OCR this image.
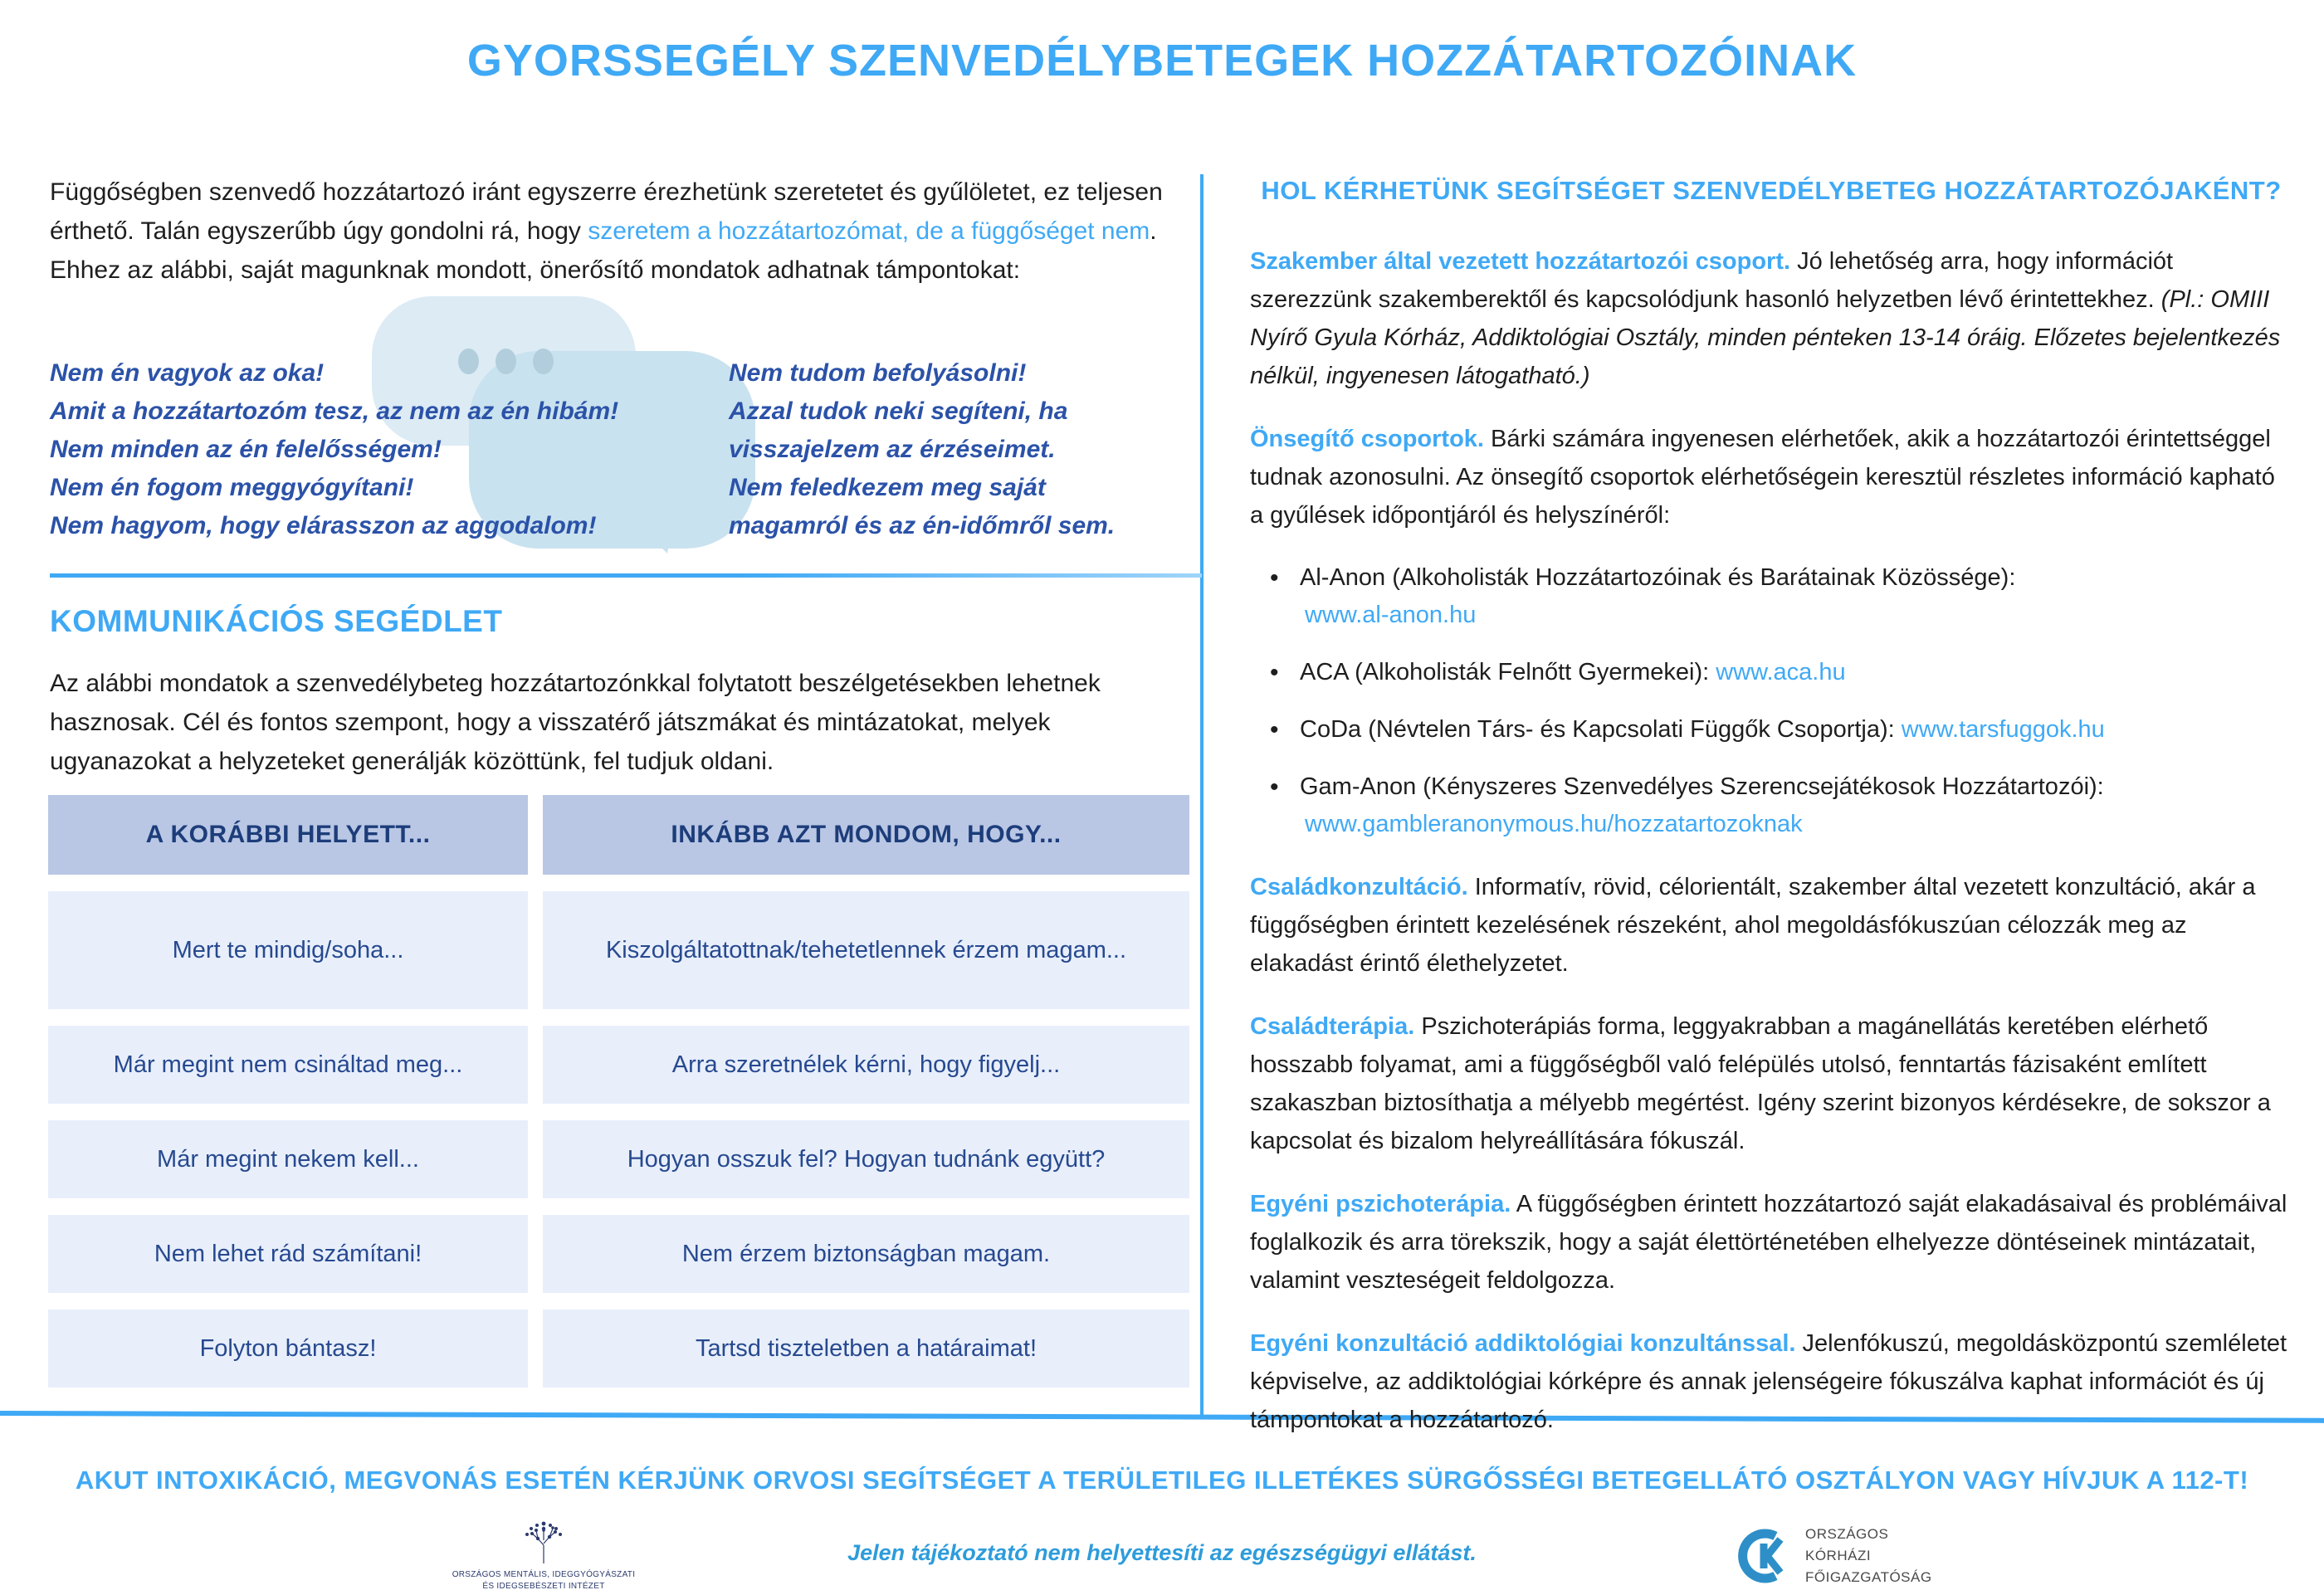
GYORSSEGÉLY SZENVEDÉLYBETEGEK HOZZÁTARTOZÓINAK

Függőségben szenvedő hozzátartozó iránt egyszerre érezhetünk szeretetet és gyűlöletet, ez teljesen érthető. Talán egyszerűbb úgy gondolni rá, hogy szeretem a hozzátartozómat, de a függőséget nem. Ehhez az alábbi, saját magunknak mondott, önerősítő mondatok adhatnak támpontokat:

Nem én vagyok az oka!
Amit a hozzátartozóm tesz, az nem az én hibám!
Nem minden az én felelősségem!
Nem én fogom meggyógyítani!
Nem hagyom, hogy elárasszon az aggodalom!
Nem tudom befolyásolni!
Azzal tudok neki segíteni, ha
visszajelzem az érzéseimet.
Nem feledkezem meg saját
magamról és az én-időmről sem.
KOMMUNIKÁCIÓS SEGÉDLET

Az alábbi mondatok a szenvedélybeteg hozzátartozónkkal folytatott beszélgetésekben lehetnek hasznosak. Cél és fontos szempont, hogy a visszatérő játszmákat és mintázatokat, melyek ugyanazokat a helyzeteket generálják közöttünk, fel tudjuk oldani.

A KORÁBBI HELYETT...	INKÁBB AZT MONDOM, HOGY...
Mert te mindig/soha...	Kiszolgáltatottnak/tehetetlennek érzem magam...
Már megint nem csináltad meg...	Arra szeretnélek kérni, hogy figyelj...
Már megint nekem kell...	Hogyan osszuk fel? Hogyan tudnánk együtt?
Nem lehet rád számítani!	Nem érzem biztonságban magam.
Folyton bántasz!	Tartsd tiszteletben a határaimat!
HOL KÉRHETÜNK SEGÍTSÉGET SZENVEDÉLYBETEG HOZZÁTARTOZÓJAKÉNT?

Szakember által vezetett hozzátartozói csoport. Jó lehetőség arra, hogy információt szerezzünk szakemberektől és kapcsolódjunk hasonló helyzetben lévő érintettekhez. (Pl.: OMIII Nyírő Gyula Kórház, Addiktológiai Osztály, minden pénteken 13-14 óráig. Előzetes bejelentkezés nélkül, ingyenesen látogatható.)

Önsegítő csoportok. Bárki számára ingyenesen elérhetőek, akik a hozzátartozói érintettséggel tudnak azonosulni. Az önsegítő csoportok elérhetőségein keresztül részletes információ kapható a gyűlések időpontjáról és helyszínéről:

• Al-Anon (Alkoholisták Hozzátartozóinak és Barátainak Közössége):
www.al-anon.hu
• ACA (Alkoholisták Felnőtt Gyermekei): www.aca.hu
• CoDa (Névtelen Társ- és Kapcsolati Függők Csoportja): www.tarsfuggok.hu
• Gam-Anon (Kényszeres Szenvedélyes Szerencsejátékosok Hozzátartozói):
www.gambleranonymous.hu/hozzatartozoknak

Családkonzultáció. Informatív, rövid, célorientált, szakember által vezetett konzultáció, akár a függőségben érintett kezelésének részeként, ahol megoldásfókuszúan célozzák meg az elakadást érintő élethelyzetet.

Családterápia. Pszichoterápiás forma, leggyakrabban a magánellátás keretében elérhető hosszabb folyamat, ami a függőségből való felépülés utolsó, fenntartás fázisaként említett szakaszban biztosíthatja a mélyebb megértést. Igény szerint bizonyos kérdésekre, de sokszor a kapcsolat és bizalom helyreállítására fókuszál.

Egyéni pszichoterápia. A függőségben érintett hozzátartozó saját elakadásaival és problémáival foglalkozik és arra törekszik, hogy a saját élettörténetében elhelyezze döntéseinek mintázatait, valamint veszteségeit feldolgozza.

Egyéni konzultáció addiktológiai konzultánssal. Jelenfókuszú, megoldásközpontú szemléletet képviselve, az addiktológiai kórképre és annak jelenségeire fókuszálva kaphat információt és új támpontokat a hozzátartozó.

AKUT INTOXIKÁCIÓ, MEGVONÁS ESETÉN KÉRJÜNK ORVOSI SEGÍTSÉGET A TERÜLETILEG ILLETÉKES SÜRGŐSSÉGI BETEGELLÁTÓ OSZTÁLYON VAGY HÍVJUK A 112-T!
ORSZÁGOS MENTÁLIS, IDEGGYÓGYÁSZATI
ÉS IDEGSEBÉSZETI INTÉZET
Jelen tájékoztató nem helyettesíti az egészségügyi ellátást.
ORSZÁGOS
KÓRHÁZI
FŐIGAZGATÓSÁG
